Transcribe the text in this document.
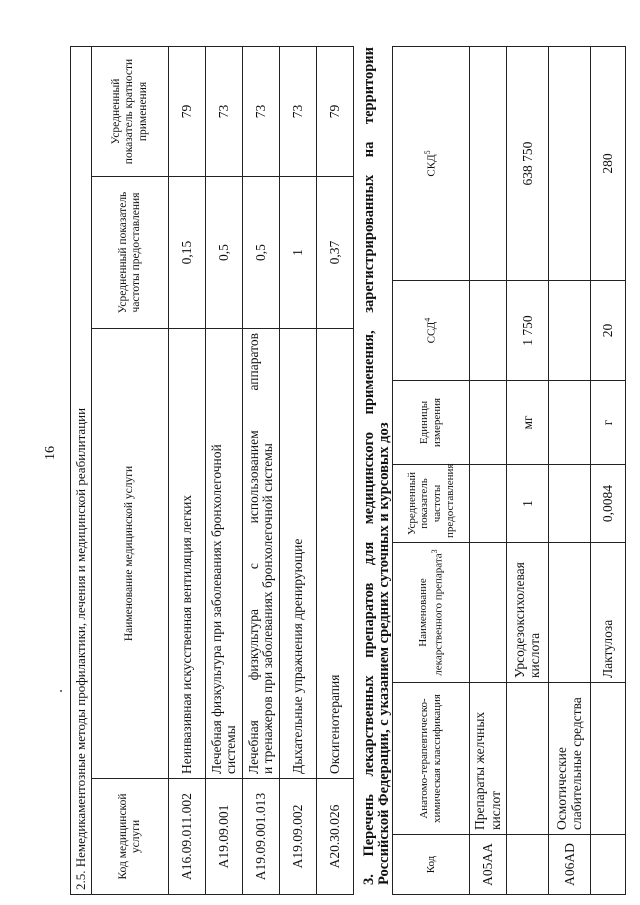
16 2.5. Немедикаментозные методы профилактики, лечения и медицинской реабилитации			
Код медицинской услуги	Наименование медицинской услуги	Усредненный показатель частоты предоставления	Усредненный показатель кратности применения
A16.09.011.002	Неинвазивная искусственная вентиляция легких	0,15	79
A19.09.001	Лечебная физкультура при заболеваниях бронхолегочной системы	0,5	73
A19.09.001.013	Лечебная физкультура с использованием аппаратов и тренажеров при заболеваниях бронхолегочной системы	0,5	73
A19.09.002	Дыхательные упражнения дренирующие	1	73
A20.30.026	Оксигенотерапия	0,37	79 3. Перечень лекарственных препаратов для медицинского применения, зарегистрированных на территории Российской Федерации, с указанием средних суточных и курсовых доз	Код	Анатомо-терапевтическо-химическая классификация	Наименование лекарственного препарата$^3$	Усредненный показатель частоты предоставления	Единицы измерения	ССД$^4$	СКД$^5$
A05AA	Препараты желчных кислот					
		Урсодезоксихолевая кислота	1	мг	1 750	638 750
A06AD	Осмотические слабительные средства					
		Лактулоза	0,0084	г	20	280
